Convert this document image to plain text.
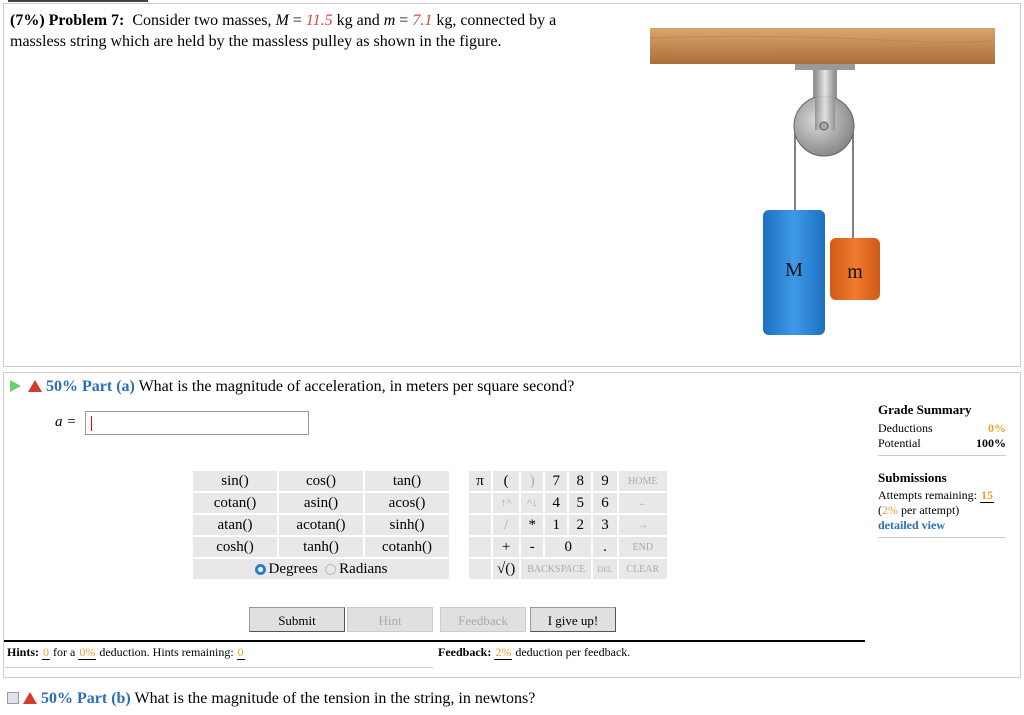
(7%) Problem 7: Consider two masses, M = 11.5 kg and m = 7.1 kg, connected by a
massless string which are held by the massless pulley as shown in the figure.
M m
50% Part (a) What is the magnitude of acceleration, in meters per square second?
a =
sin()	cos()	tan()		π	(	)	7	8	9	HOME
cotan()	asin()	acos()			↑^	^↓	4	5	6	←
atan()	acotan()	sinh()			/	*	1	2	3	→
cosh()	tanh()	cotanh()			+	-	0		.	END
Degrees Radians					√()	BACKSPACE			DEL	CLEAR
Submit	Hint	Feedback	I give up!
Hints: 0 for a 0% deduction. Hints remaining: 0	Feedback: 2% deduction per feedback.
Grade Summary
Deductions	0%
Potential	100%
Submissions
Attempts remaining: 15
(2% per attempt)
detailed view
50% Part (b) What is the magnitude of the tension in the string, in newtons?
